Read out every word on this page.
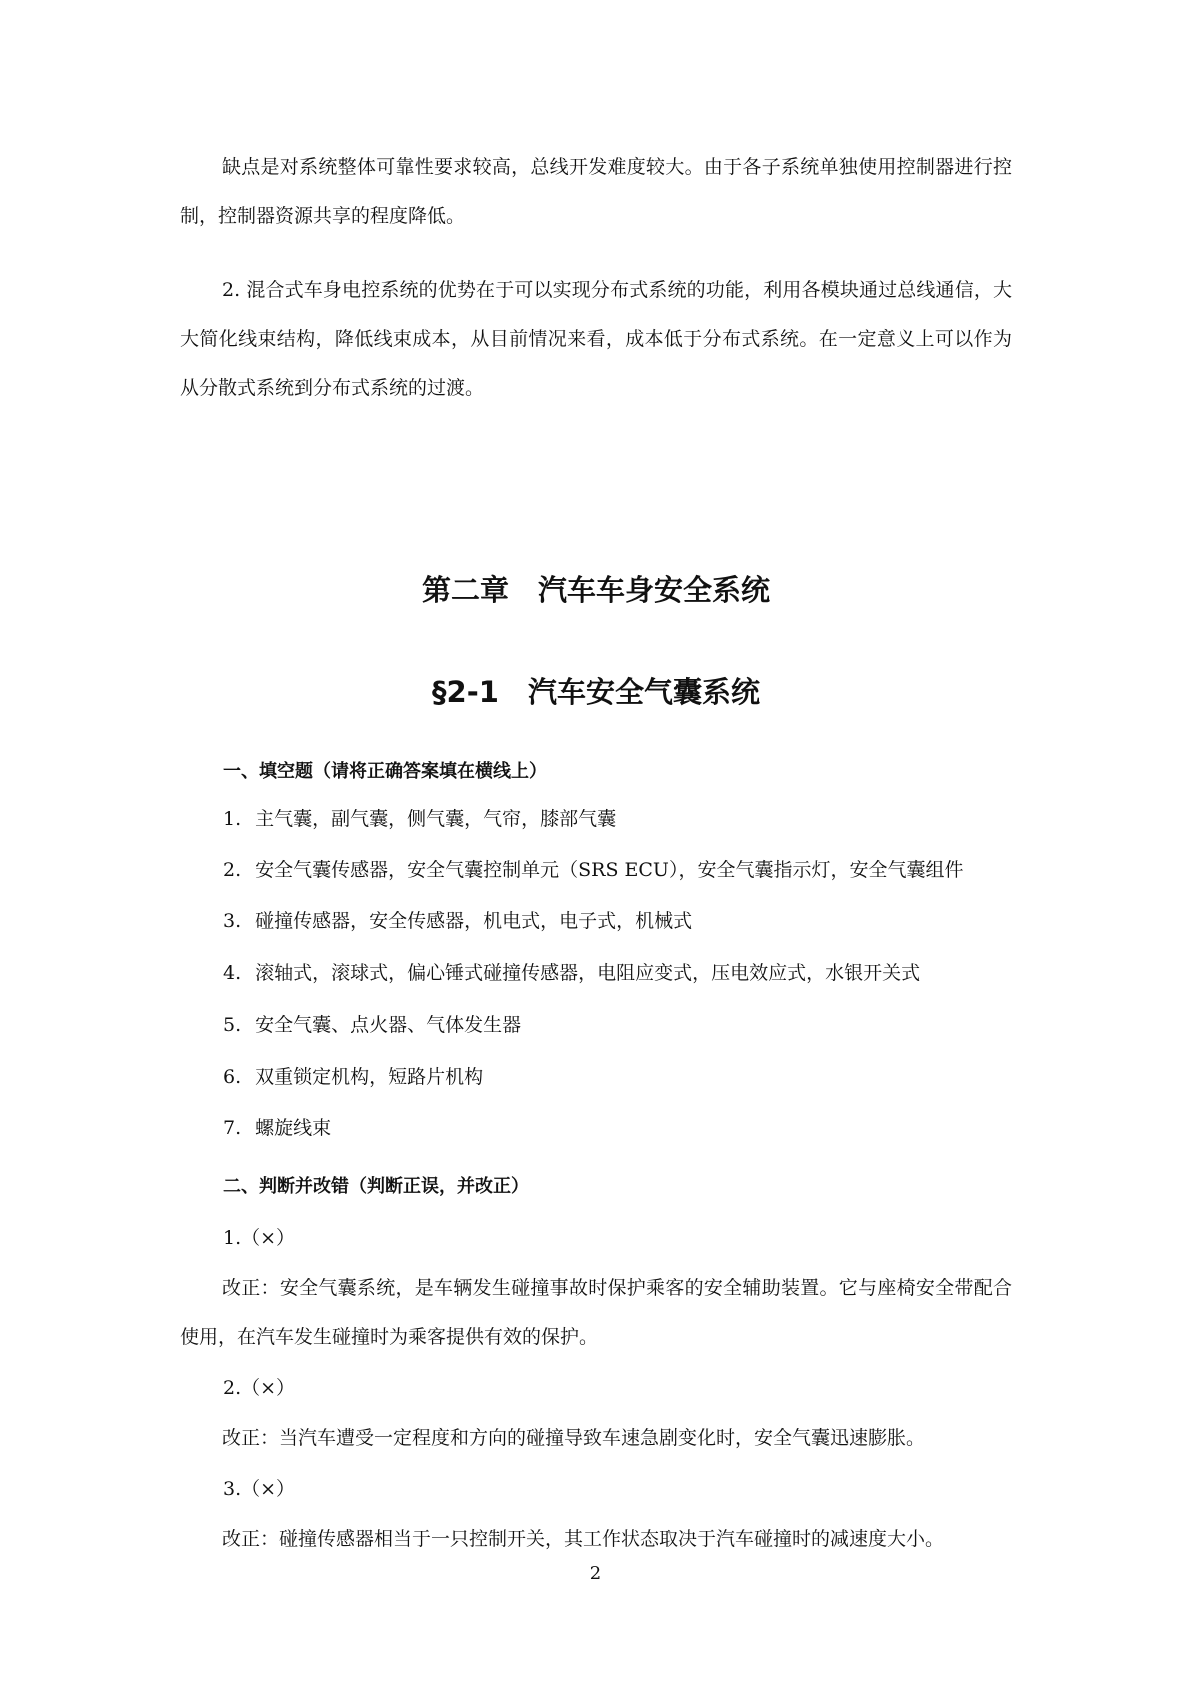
缺点是对系统整体可靠性要求较高，总线开发难度较大。由于各子系统单独使用控制器进行控制，控制器资源共享的程度降低。

2. 混合式车身电控系统的优势在于可以实现分布式系统的功能，利用各模块通过总线通信，大大简化线束结构，降低线束成本，从目前情况来看，成本低于分布式系统。在一定意义上可以作为从分散式系统到分布式系统的过渡。

第二章　汽车车身安全系统
§2-1　汽车安全气囊系统
一、填空题（请将正确答案填在横线上）

1. 主气囊，副气囊，侧气囊，气帘，膝部气囊

2. 安全气囊传感器，安全气囊控制单元（SRS ECU），安全气囊指示灯，安全气囊组件

3. 碰撞传感器，安全传感器，机电式，电子式，机械式

4. 滚轴式，滚球式，偏心锤式碰撞传感器，电阻应变式，压电效应式，水银开关式

5. 安全气囊、点火器、气体发生器

6. 双重锁定机构，短路片机构

7. 螺旋线束

二、判断并改错（判断正误，并改正）

1.（×）

改正：安全气囊系统，是车辆发生碰撞事故时保护乘客的安全辅助装置。它与座椅安全带配合使用，在汽车发生碰撞时为乘客提供有效的保护。

2.（×）

改正：当汽车遭受一定程度和方向的碰撞导致车速急剧变化时，安全气囊迅速膨胀。

3.（×）

改正：碰撞传感器相当于一只控制开关，其工作状态取决于汽车碰撞时的减速度大小。

2
